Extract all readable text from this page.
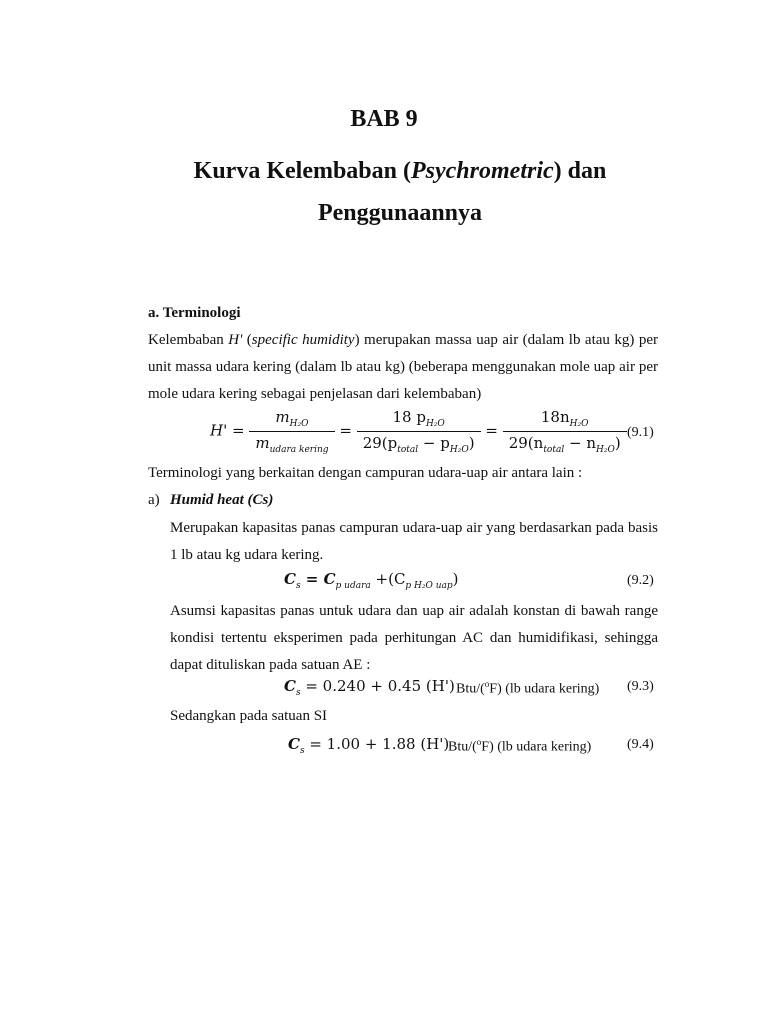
BAB 9
Kurva Kelembaban (Psychrometric) dan
Penggunaannya
a. Terminologi
Kelembaban H' (specific humidity) merupakan massa uap air (dalam lb atau kg) per unit massa udara kering (dalam lb atau kg) (beberapa menggunakan mole uap air per mole udara kering sebagai penjelasan dari kelembaban)
$H' = \frac{m_{H_2O}}{m_{udara kering}} = \frac{18 p_{H_2O}}{29(p_{total} - p_{H_2O})} = \frac{18n_{H_2O}}{29(n_{total} - n_{H_2O})} (9.1)$
Terminologi yang berkaitan dengan campuran udara-uap air antara lain :
a) Humid heat (Cs)
Merupakan kapasitas panas campuran udara-uap air yang berdasarkan pada basis 1 lb atau kg udara kering.
$C_s = C_{p udara} +(C_{p H_2O uap})$	(9.2)
Asumsi kapasitas panas untuk udara dan uap air adalah konstan di bawah range kondisi tertentu eksperimen pada perhitungan AC dan humidifikasi, sehingga dapat dituliskan pada satuan AE :
$C_s = 0.240 + 0.45$ (H') Btu/($^o$F) (lb udara kering) (9.3)
Sedangkan pada satuan SI
$C_s = 1.00 + 1.88$ (H')
Btu/($^o$F) (lb udara kering)	(9.4)
